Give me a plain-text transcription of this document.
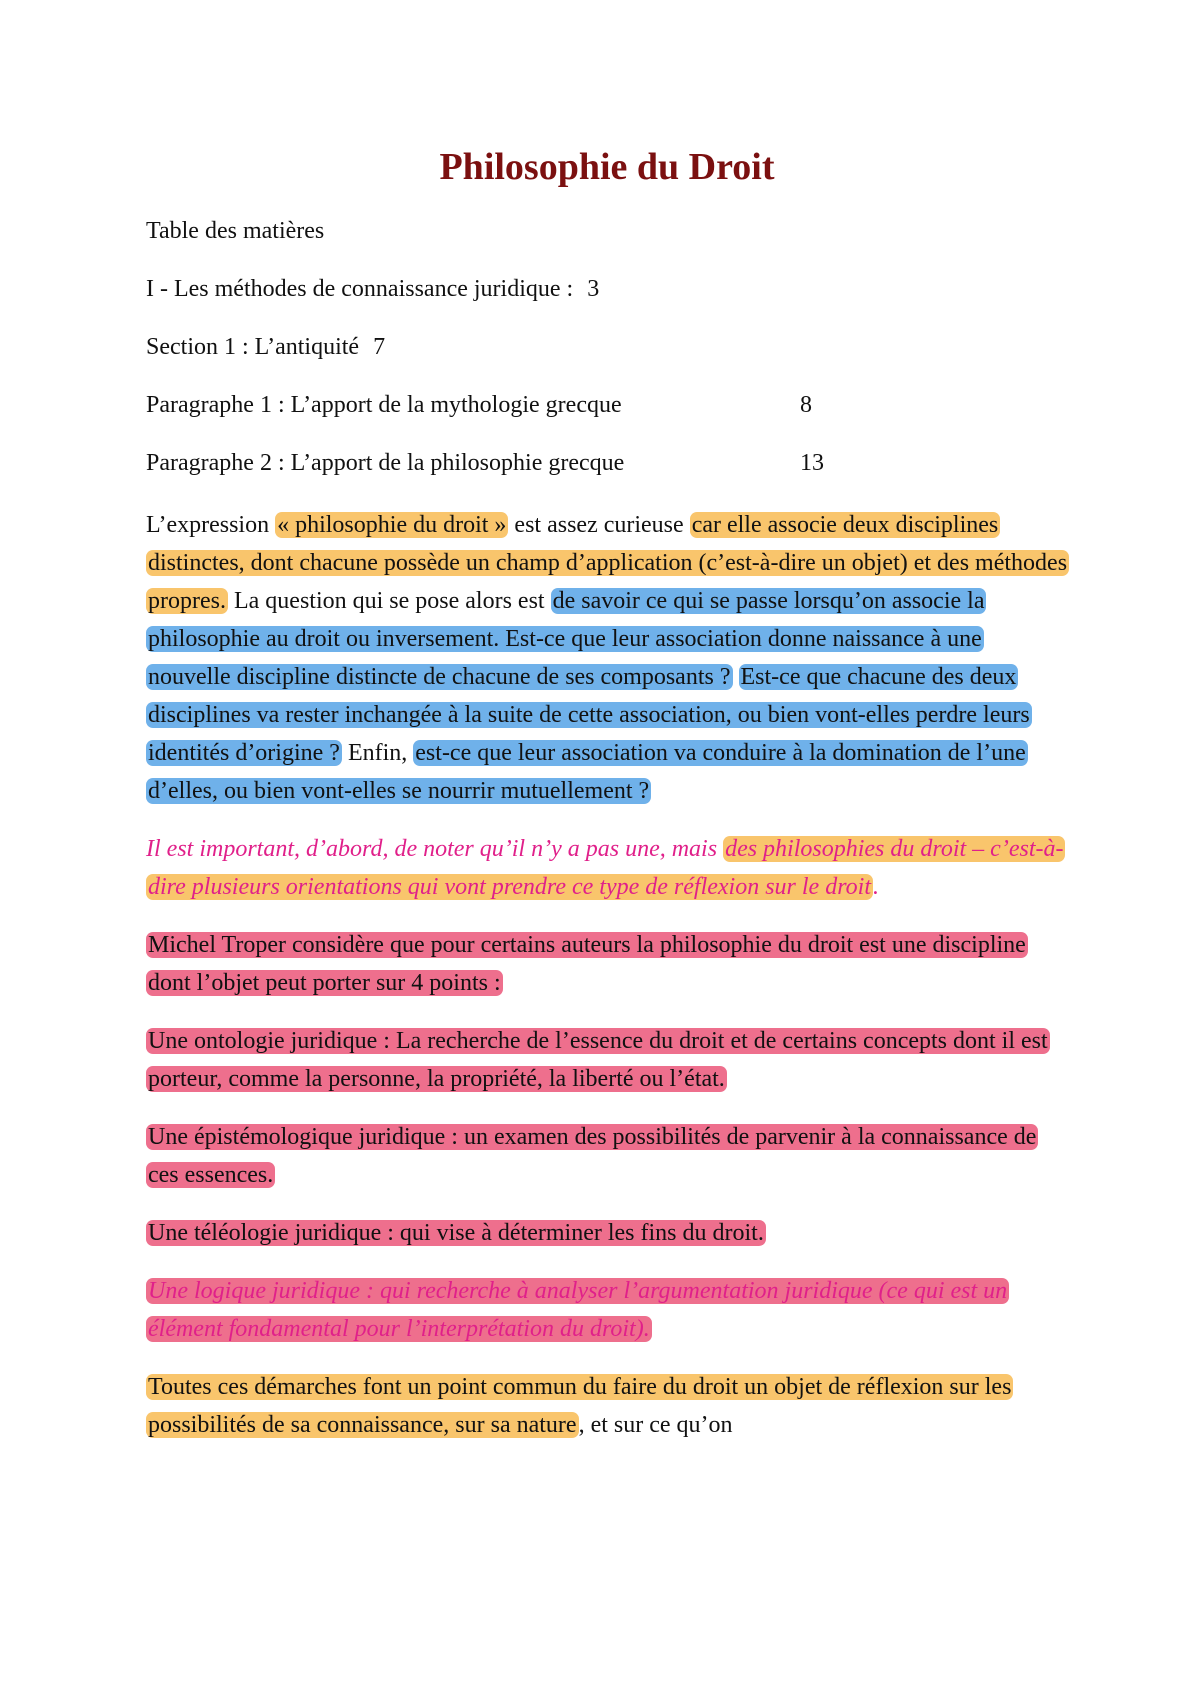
Philosophie du Droit

Table des matières

I - Les méthodes de connaissance juridique : 3

Section 1 : L’antiquité 7

Paragraphe 1 : L’apport de la mythologie grecque	8

Paragraphe 2 : L’apport de la philosophie grecque	13

L’expression « philosophie du droit » est assez curieuse car elle associe deux disciplines distinctes, dont chacune possède un champ d’application (c’est-à-dire un objet) et des méthodes propres. La question qui se pose alors est de savoir ce qui se passe lorsqu’on associe la philosophie au droit ou inversement. Est-ce que leur association donne naissance à une nouvelle discipline distincte de chacune de ses composants ? Est-ce que chacune des deux disciplines va rester inchangée à la suite de cette association, ou bien vont-elles perdre leurs identités d’origine ? Enfin, est-ce que leur association va conduire à la domination de l’une d’elles, ou bien vont-elles se nourrir mutuellement ?

Il est important, d’abord, de noter qu’il n’y a pas une, mais des philosophies du droit – c’est-à-dire plusieurs orientations qui vont prendre ce type de réflexion sur le droit.

Michel Troper considère que pour certains auteurs la philosophie du droit est une discipline dont l’objet peut porter sur 4 points :

Une ontologie juridique : La recherche de l’essence du droit et de certains concepts dont il est porteur, comme la personne, la propriété, la liberté ou l’état.

Une épistémologique juridique : un examen des possibilités de parvenir à la connaissance de ces essences.

Une téléologie juridique : qui vise à déterminer les fins du droit.

Une logique juridique : qui recherche à analyser l’argumentation juridique (ce qui est un élément fondamental pour l’interprétation du droit).

Toutes ces démarches font un point commun du faire du droit un objet de réflexion sur les possibilités de sa connaissance, sur sa nature, et sur ce qu’on
